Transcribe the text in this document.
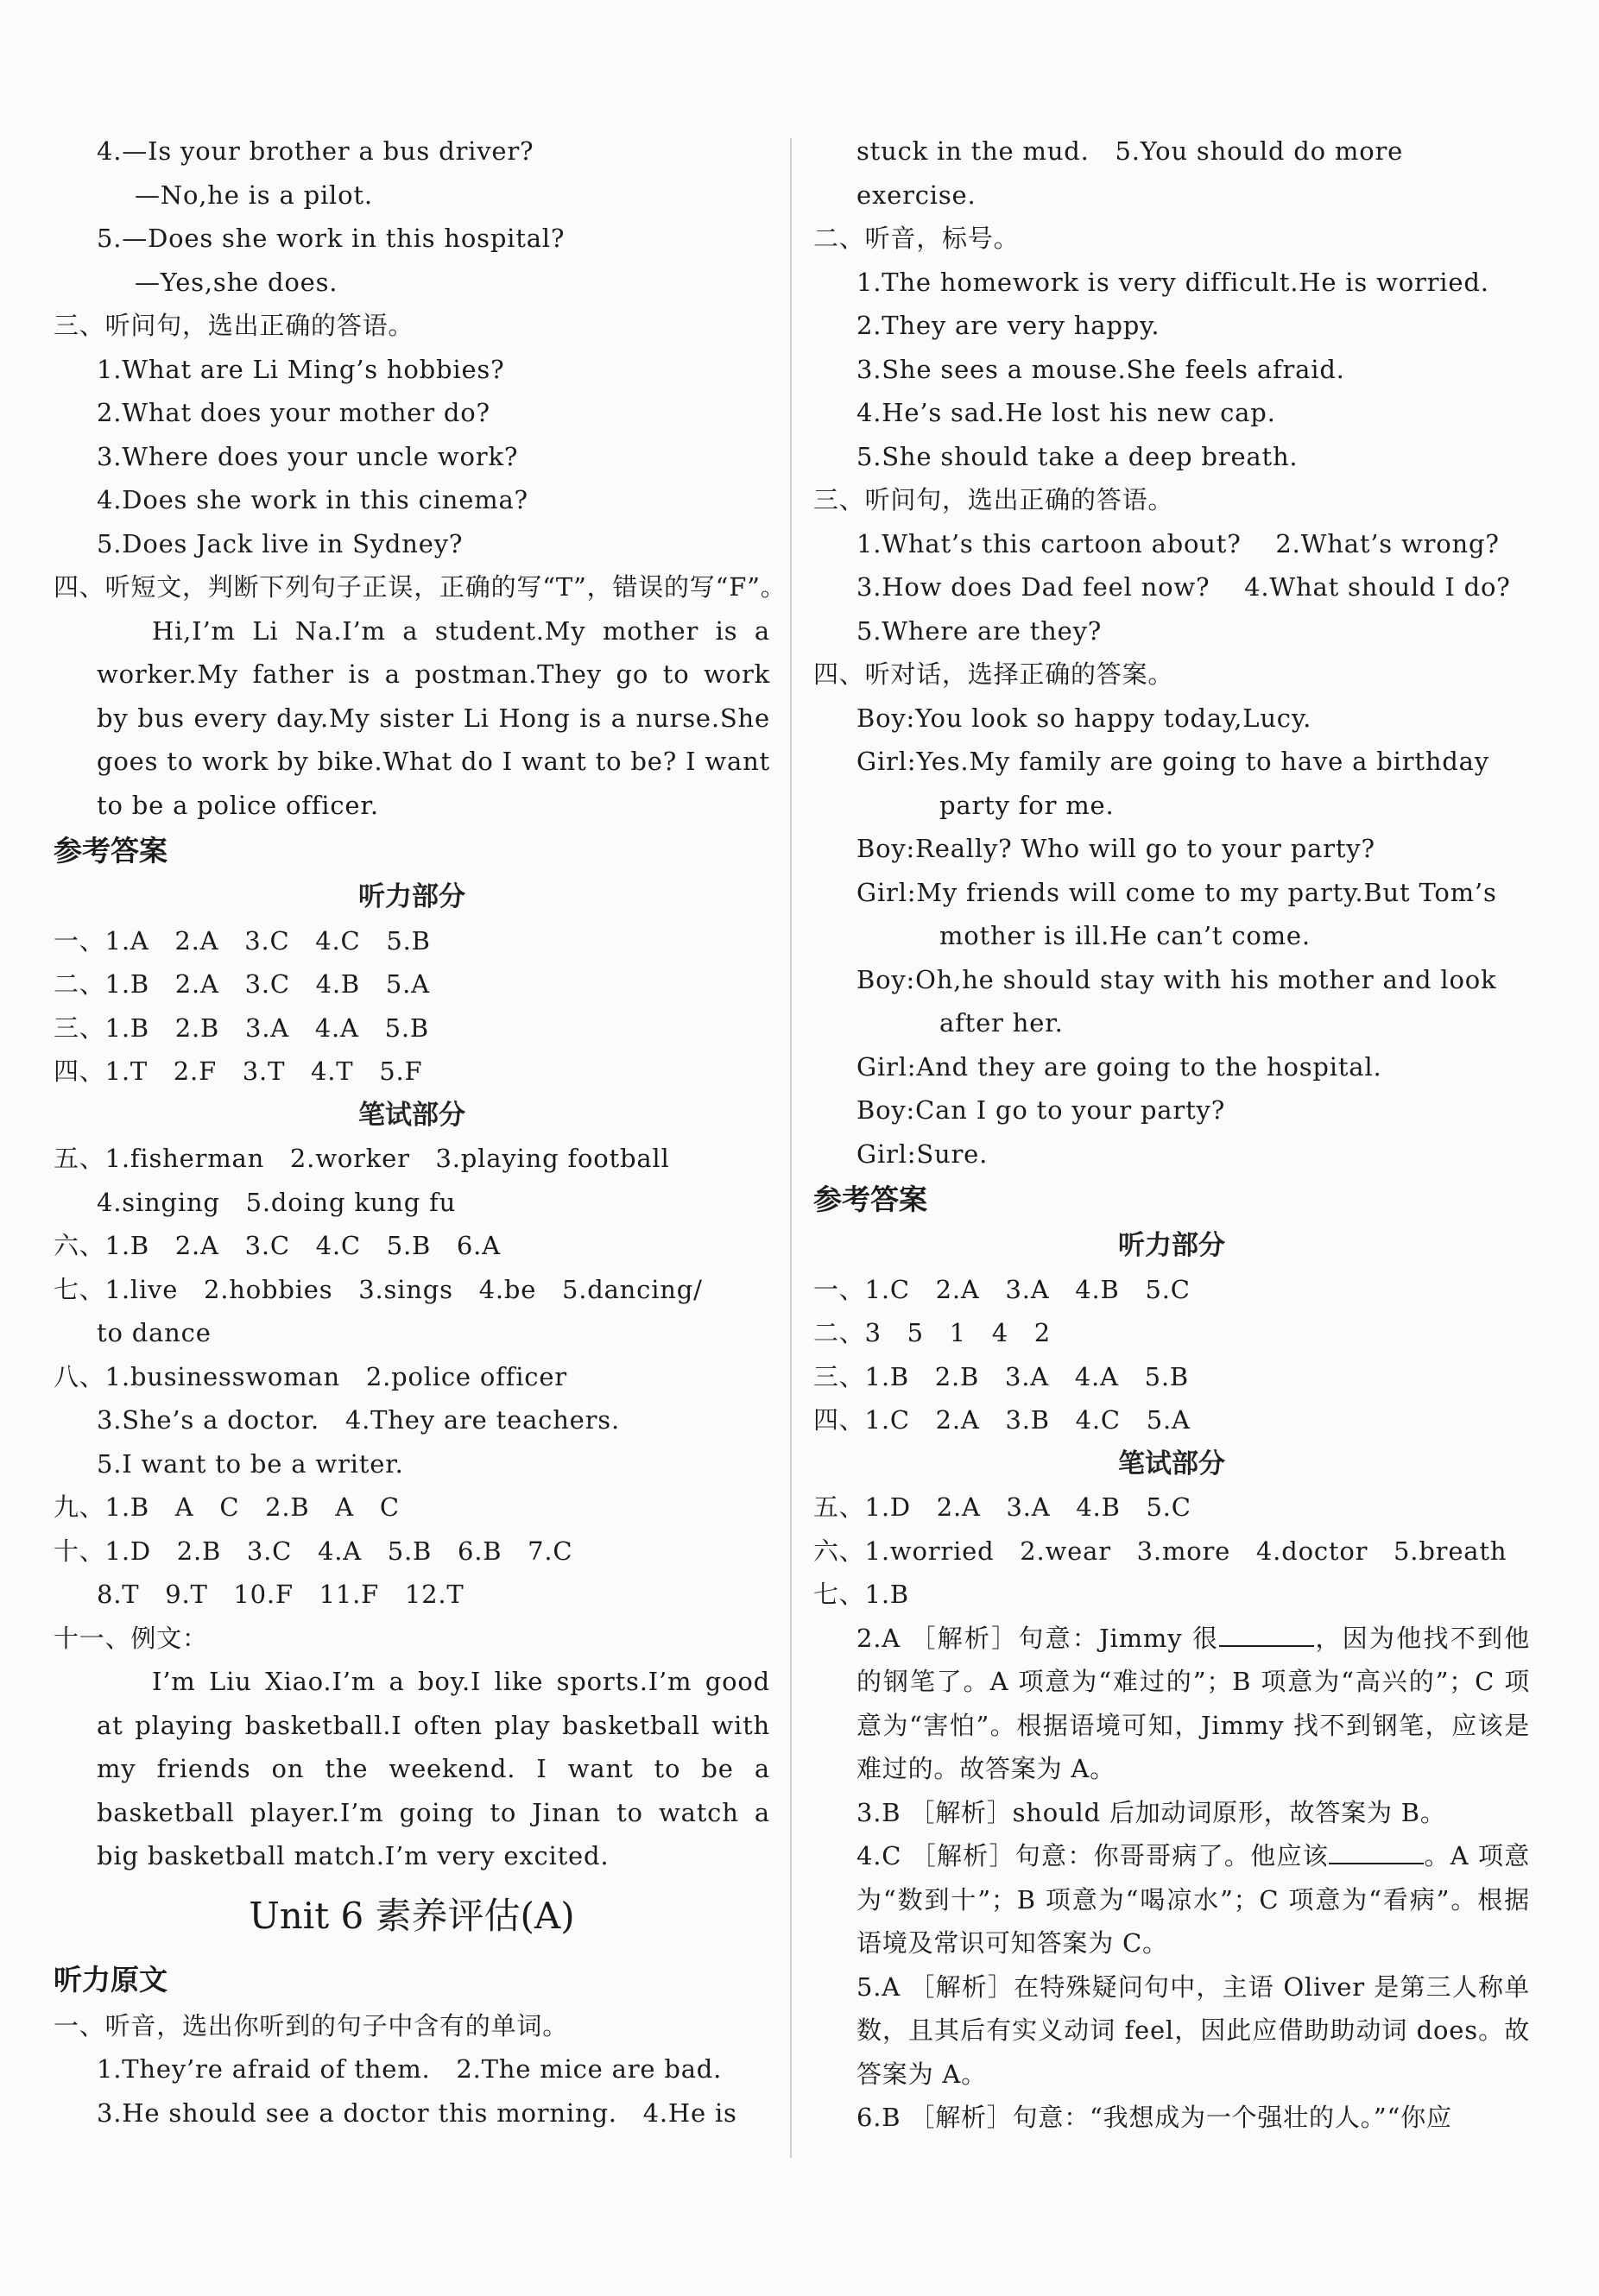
4.—Is your brother a bus driver?
—No,he is a pilot.
5.—Does she work in this hospital?
—Yes,she does.
三、听问句，选出正确的答语。
1.What are Li Ming’s hobbies?
2.What does your mother do?
3.Where does your uncle work?
4.Does she work in this cinema?
5.Does Jack live in Sydney?
四、听短文，判断下列句子正误，正确的写“T”，错误的写“F”。
Hi,I’m Li Na.I’m a student.My mother is a worker.My father is a postman.They go to work by bus every day.My sister Li Hong is a nurse.She goes to work by bike.What do I want to be? I want to be a police officer.
参考答案
听力部分
一、1.A　2.A　3.C　4.C　5.B
二、1.B　2.A　3.C　4.B　5.A
三、1.B　2.B　3.A　4.A　5.B
四、1.T　2.F　3.T　4.T　5.F
笔试部分
五、1.fisherman　2.worker　3.playing football
4.singing　5.doing kung fu
六、1.B　2.A　3.C　4.C　5.B　6.A
七、1.live　2.hobbies　3.sings　4.be　5.dancing/
to dance
八、1.businesswoman　2.police officer
3.She’s a doctor.　4.They are teachers.
5.I want to be a writer.
九、1.B　A　C　2.B　A　C
十、1.D　2.B　3.C　4.A　5.B　6.B　7.C
8.T　9.T　10.F　11.F　12.T
十一、例文：
I’m Liu Xiao.I’m a boy.I like sports.I’m good at playing basketball.I often play basketball with my friends on the weekend. I want to be a basketball player.I’m going to Jinan to watch a big basketball match.I’m very excited.
Unit 6 素养评估(A)
听力原文
一、听音，选出你听到的句子中含有的单词。
1.They’re afraid of them.　2.The mice are bad.
3.He should see a doctor this morning.　4.He is
stuck in the mud.　5.You should do more
exercise.
二、听音，标号。
1.The homework is very difficult.He is worried.
2.They are very happy.
3.She sees a mouse.She feels afraid.
4.He’s sad.He lost his new cap.
5.She should take a deep breath.
三、听问句，选出正确的答语。
1.What’s this cartoon about?　 2.What’s wrong?
3.How does Dad feel now?　 4.What should I do?
5.Where are they?
四、听对话，选择正确的答案。
Boy:You look so happy today,Lucy.
Girl:Yes.My family are going to have a birthday party for me.
Boy:Really? Who will go to your party?
Girl:My friends will come to my party.But Tom’s mother is ill.He can’t come.
Boy:Oh,he should stay with his mother and look after her.
Girl:And they are going to the hospital.
Boy:Can I go to your party?
Girl:Sure.
参考答案
听力部分
一、1.C　2.A　3.A　4.B　5.C
二、3　5　1　4　2
三、1.B　2.B　3.A　4.A　5.B
四、1.C　2.A　3.B　4.C　5.A
笔试部分
五、1.D　2.A　3.A　4.B　5.C
六、1.worried　2.wear　3.more　4.doctor　5.breath
七、1.B
2.A ［解析］句意：Jimmy 很	，因为他找不到他的钢笔了。A 项意为“难过的”；B 项意为“高兴的”；C 项意为“害怕”。根据语境可知，Jimmy 找不到钢笔，应该是难过的。故答案为 A。
3.B ［解析］should 后加动词原形，故答案为 B。
4.C ［解析］句意：你哥哥病了。他应该	。A 项意为“数到十”；B 项意为“喝凉水”；C 项意为“看病”。根据语境及常识可知答案为 C。
5.A ［解析］在特殊疑问句中，主语 Oliver 是第三人称单数，且其后有实义动词 feel，因此应借助助动词 does。故答案为 A。
6.B ［解析］句意：“我想成为一个强壮的人。”“你应
